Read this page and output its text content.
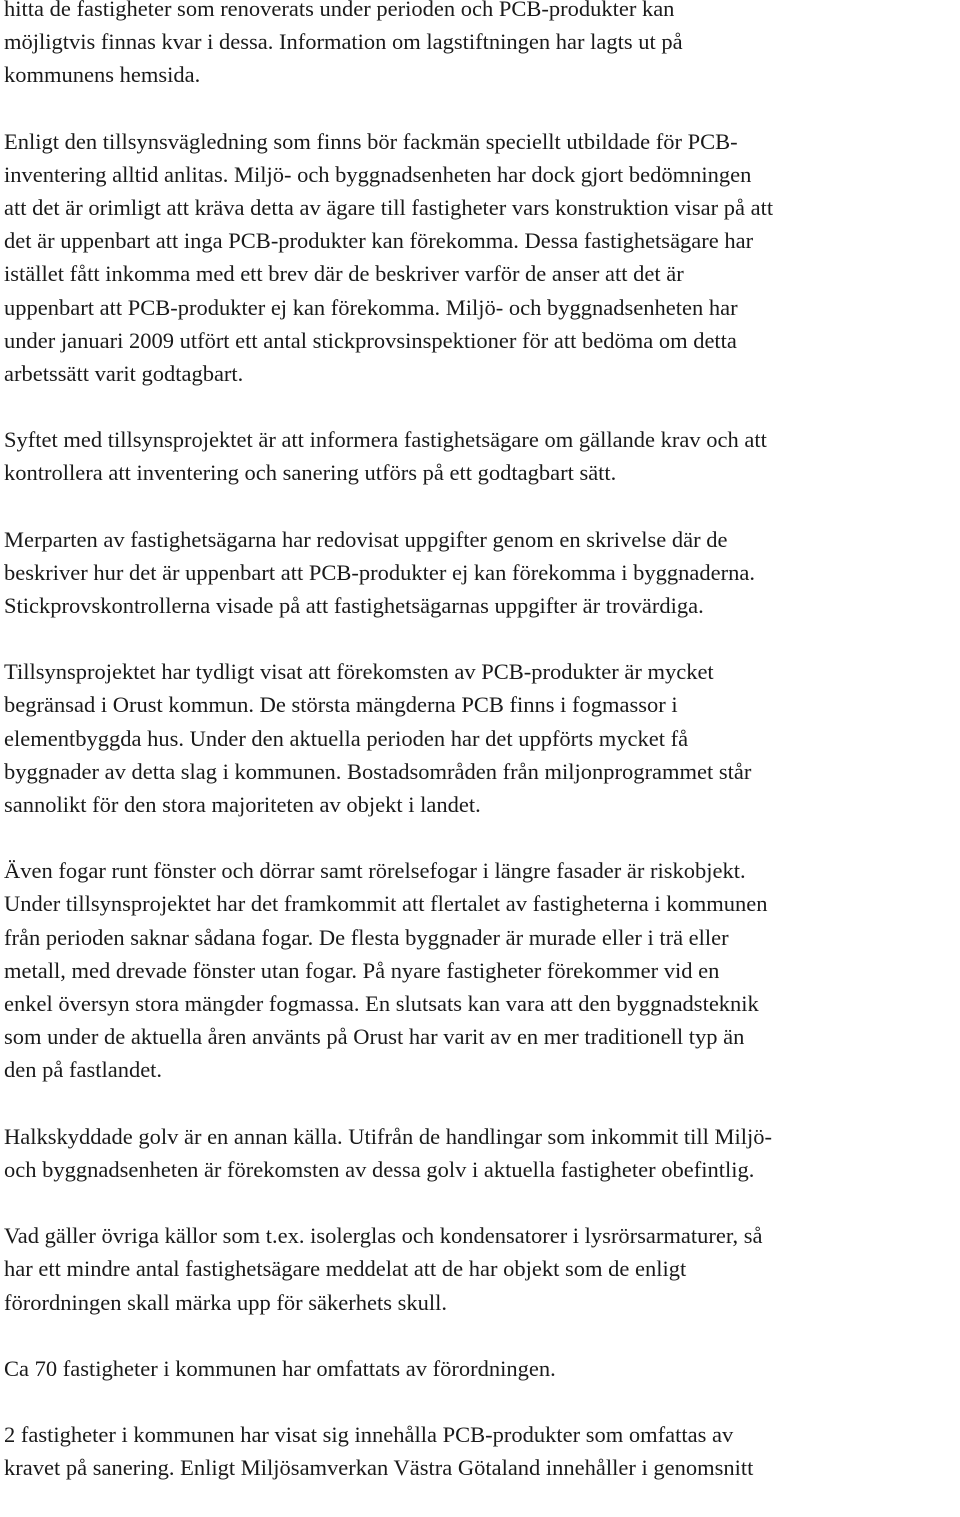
hitta de fastigheter som renoverats under perioden och PCB-produkter kan
möjligtvis finnas kvar i dessa. Information om lagstiftningen har lagts ut på
kommunens hemsida.

Enligt den tillsynsvägledning som finns bör fackmän speciellt utbildade för PCB-
inventering alltid anlitas. Miljö- och byggnadsenheten har dock gjort bedömningen
att det är orimligt att kräva detta av ägare till fastigheter vars konstruktion visar på att
det är uppenbart att inga PCB-produkter kan förekomma. Dessa fastighetsägare har
istället fått inkomma med ett brev där de beskriver varför de anser att det är
uppenbart att PCB-produkter ej kan förekomma. Miljö- och byggnadsenheten har
under januari 2009 utfört ett antal stickprovsinspektioner för att bedöma om detta
arbetssätt varit godtagbart.

Syftet med tillsynsprojektet är att informera fastighetsägare om gällande krav och att
kontrollera att inventering och sanering utförs på ett godtagbart sätt.

Merparten av fastighetsägarna har redovisat uppgifter genom en skrivelse där de
beskriver hur det är uppenbart att PCB-produkter ej kan förekomma i byggnaderna.
Stickprovskontrollerna visade på att fastighetsägarnas uppgifter är trovärdiga.

Tillsynsprojektet har tydligt visat att förekomsten av PCB-produkter är mycket
begränsad i Orust kommun. De största mängderna PCB finns i fogmassor i
elementbyggda hus. Under den aktuella perioden har det uppförts mycket få
byggnader av detta slag i kommunen. Bostadsområden från miljonprogrammet står
sannolikt för den stora majoriteten av objekt i landet.

Även fogar runt fönster och dörrar samt rörelsefogar i längre fasader är riskobjekt.
Under tillsynsprojektet har det framkommit att flertalet av fastigheterna i kommunen
från perioden saknar sådana fogar. De flesta byggnader är murade eller i trä eller
metall, med drevade fönster utan fogar. På nyare fastigheter förekommer vid en
enkel översyn stora mängder fogmassa. En slutsats kan vara att den byggnadsteknik
som under de aktuella åren använts på Orust har varit av en mer traditionell typ än
den på fastlandet.

Halkskyddade golv är en annan källa. Utifrån de handlingar som inkommit till Miljö-
och byggnadsenheten är förekomsten av dessa golv i aktuella fastigheter obefintlig.

Vad gäller övriga källor som t.ex. isolerglas och kondensatorer i lysrörsarmaturer, så
har ett mindre antal fastighetsägare meddelat att de har objekt som de enligt
förordningen skall märka upp för säkerhets skull.

Ca 70 fastigheter i kommunen har omfattats av förordningen.

2 fastigheter i kommunen har visat sig innehålla PCB-produkter som omfattas av
kravet på sanering. Enligt Miljösamverkan Västra Götaland innehåller i genomsnitt
